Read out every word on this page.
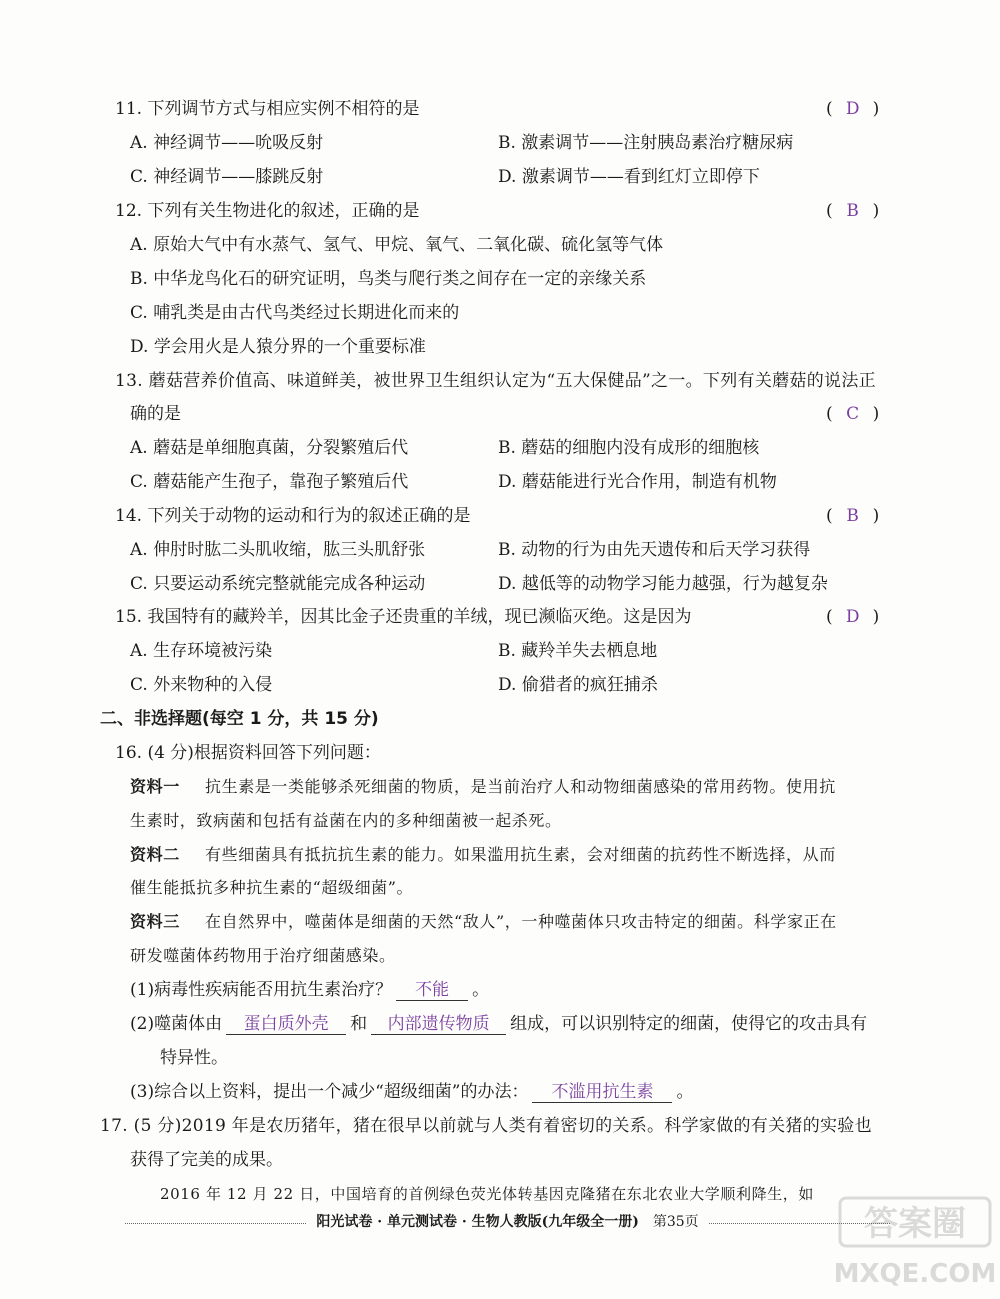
11. 下列调节方式与相应实例不相符的是	( D )
A. 神经调节——吮吸反射	B. 激素调节——注射胰岛素治疗糖尿病
C. 神经调节——膝跳反射	D. 激素调节——看到红灯立即停下
12. 下列有关生物进化的叙述，正确的是	( B )
A. 原始大气中有水蒸气、氢气、甲烷、氧气、二氧化碳、硫化氢等气体
B. 中华龙鸟化石的研究证明，鸟类与爬行类之间存在一定的亲缘关系
C. 哺乳类是由古代鸟类经过长期进化而来的
D. 学会用火是人猿分界的一个重要标准
13. 蘑菇营养价值高、味道鲜美，被世界卫生组织认定为“五大保健品”之一。下列有关蘑菇的说法正
确的是	( C )
A. 蘑菇是单细胞真菌，分裂繁殖后代	B. 蘑菇的细胞内没有成形的细胞核
C. 蘑菇能产生孢子，靠孢子繁殖后代	D. 蘑菇能进行光合作用，制造有机物
14. 下列关于动物的运动和行为的叙述正确的是	( B )
A. 伸肘时肱二头肌收缩，肱三头肌舒张	B. 动物的行为由先天遗传和后天学习获得
C. 只要运动系统完整就能完成各种运动	D. 越低等的动物学习能力越强，行为越复杂
15. 我国特有的藏羚羊，因其比金子还贵重的羊绒，现已濒临灭绝。这是因为	( D )
A. 生存环境被污染	B. 藏羚羊失去栖息地
C. 外来物种的入侵	D. 偷猎者的疯狂捕杀
二、非选择题(每空 1 分，共 15 分)
16. (4 分)根据资料回答下列问题：
资料一 抗生素是一类能够杀死细菌的物质，是当前治疗人和动物细菌感染的常用药物。使用抗
生素时，致病菌和包括有益菌在内的多种细菌被一起杀死。
资料二 有些细菌具有抵抗抗生素的能力。如果滥用抗生素，会对细菌的抗药性不断选择，从而
催生能抵抗多种抗生素的“超级细菌”。
资料三 在自然界中，噬菌体是细菌的天然“敌人”，一种噬菌体只攻击特定的细菌。科学家正在
研发噬菌体药物用于治疗细菌感染。
(1)病毒性疾病能否用抗生素治疗？ 不能 。
(2)噬菌体由 蛋白质外壳 和 内部遗传物质 组成，可以识别特定的细菌，使得它的攻击具有
特异性。
(3)综合以上资料，提出一个减少“超级细菌”的办法： 不滥用抗生素 。
17. (5 分)2019 年是农历猪年，猪在很早以前就与人类有着密切的关系。科学家做的有关猪的实验也
获得了完美的成果。
2016 年 12 月 22 日，中国培育的首例绿色荧光体转基因克隆猪在东北农业大学顺利降生，如
阳光试卷 · 单元测试卷 · 生物人教版(九年级全一册) 第35页	答案圈
MXQE.COM
